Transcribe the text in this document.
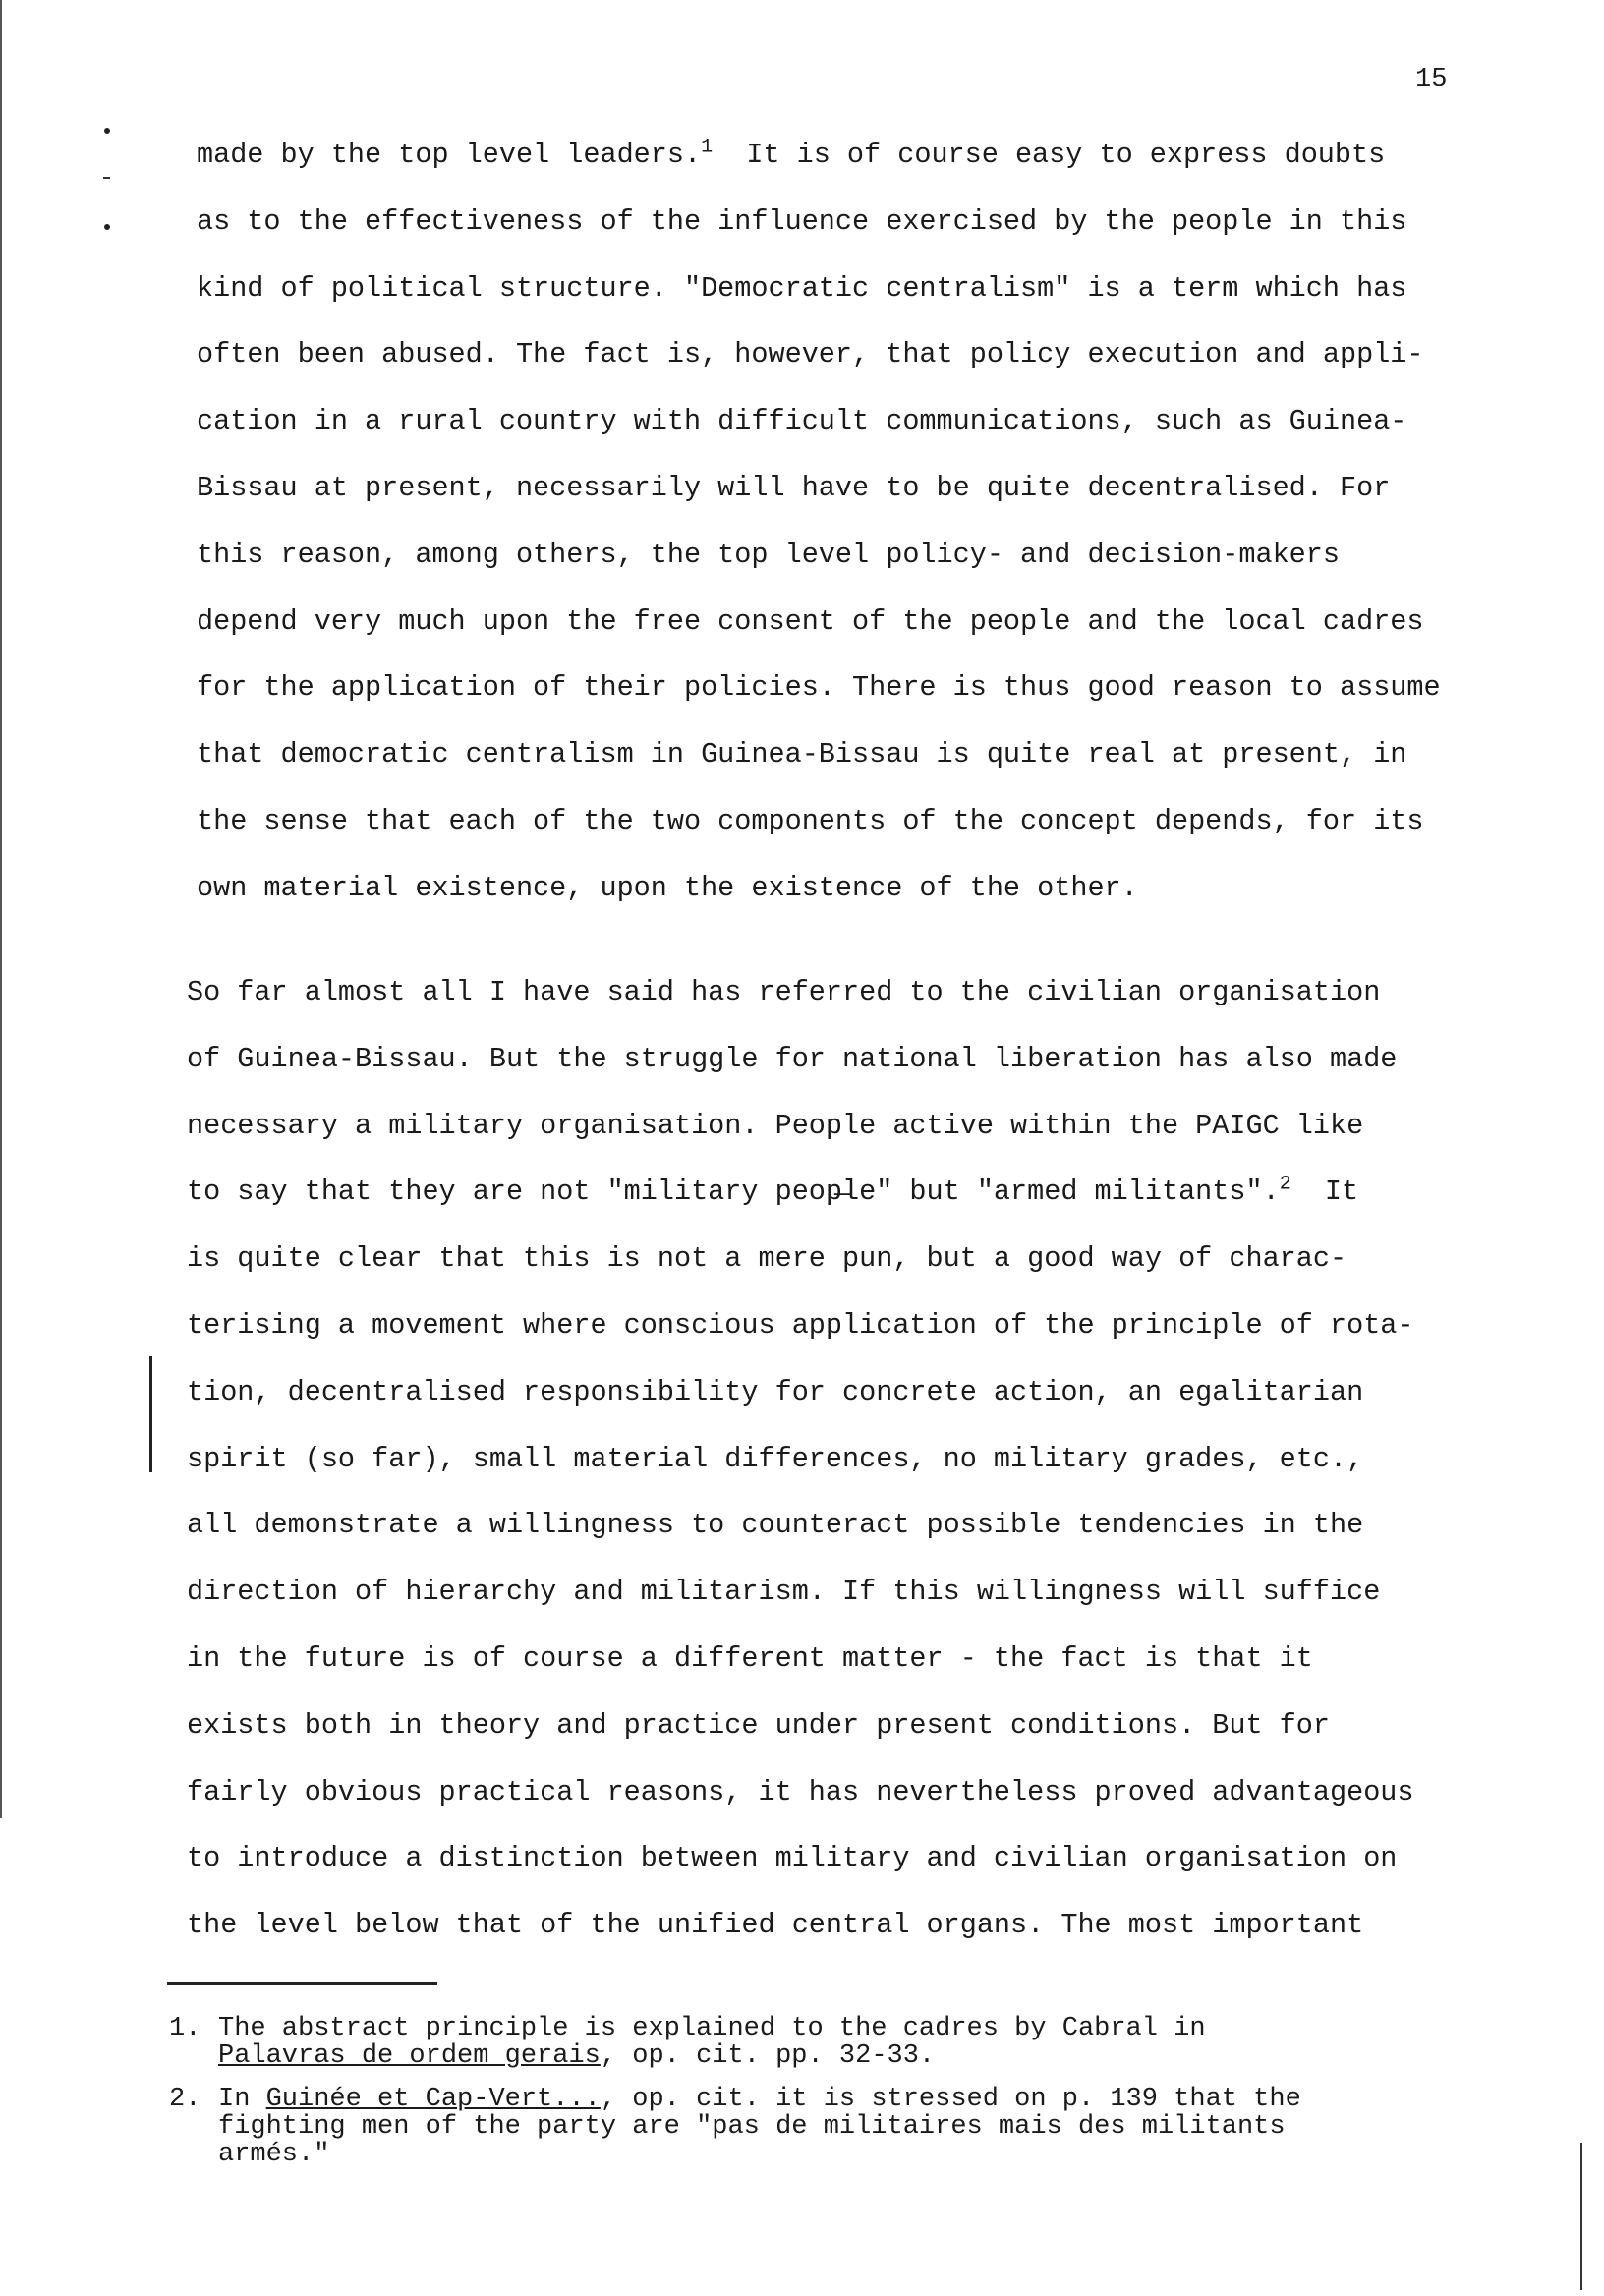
15
made by the top level leaders.$^1$  It is of course easy to express doubts
as to the effectiveness of the influence exercised by the people in this
kind of political structure. "Democratic centralism" is a term which has
often been abused. The fact is, however, that policy execution and appli-
cation in a rural country with difficult communications, such as Guinea-
Bissau at present, necessarily will have to be quite decentralised. For
this reason, among others, the top level policy- and decision-makers
depend very much upon the free consent of the people and the local cadres
for the application of their policies. There is thus good reason to assume
that democratic centralism in Guinea-Bissau is quite real at present, in
the sense that each of the two components of the concept depends, for its
own material existence, upon the existence of the other.
So far almost all I have said has referred to the civilian organisation
of Guinea-Bissau. But the struggle for national liberation has also made
necessary a military organisation. People active within the PAIGC like
to say that they are not "military peop̶le" but "armed militants".$^2$  It
is quite clear that this is not a mere pun, but a good way of charac-
terising a movement where conscious application of the principle of rota-
tion, decentralised responsibility for concrete action, an egalitarian
spirit (so far), small material differences, no military grades, etc.,
all demonstrate a willingness to counteract possible tendencies in the
direction of hierarchy and militarism. If this willingness will suffice
in the future is of course a different matter - the fact is that it
exists both in theory and practice under present conditions. But for
fairly obvious practical reasons, it has nevertheless proved advantageous
to introduce a distinction between military and civilian organisation on
the level below that of the unified central organs. The most important
1. The abstract principle is explained to the cadres by Cabral in
Palavras de ordem gerais, op. cit. pp. 32-33.
2. In Guinée et Cap-Vert..., op. cit. it is stressed on p. 139 that the
fighting men of the party are "pas de militaires mais des militants
armés."
